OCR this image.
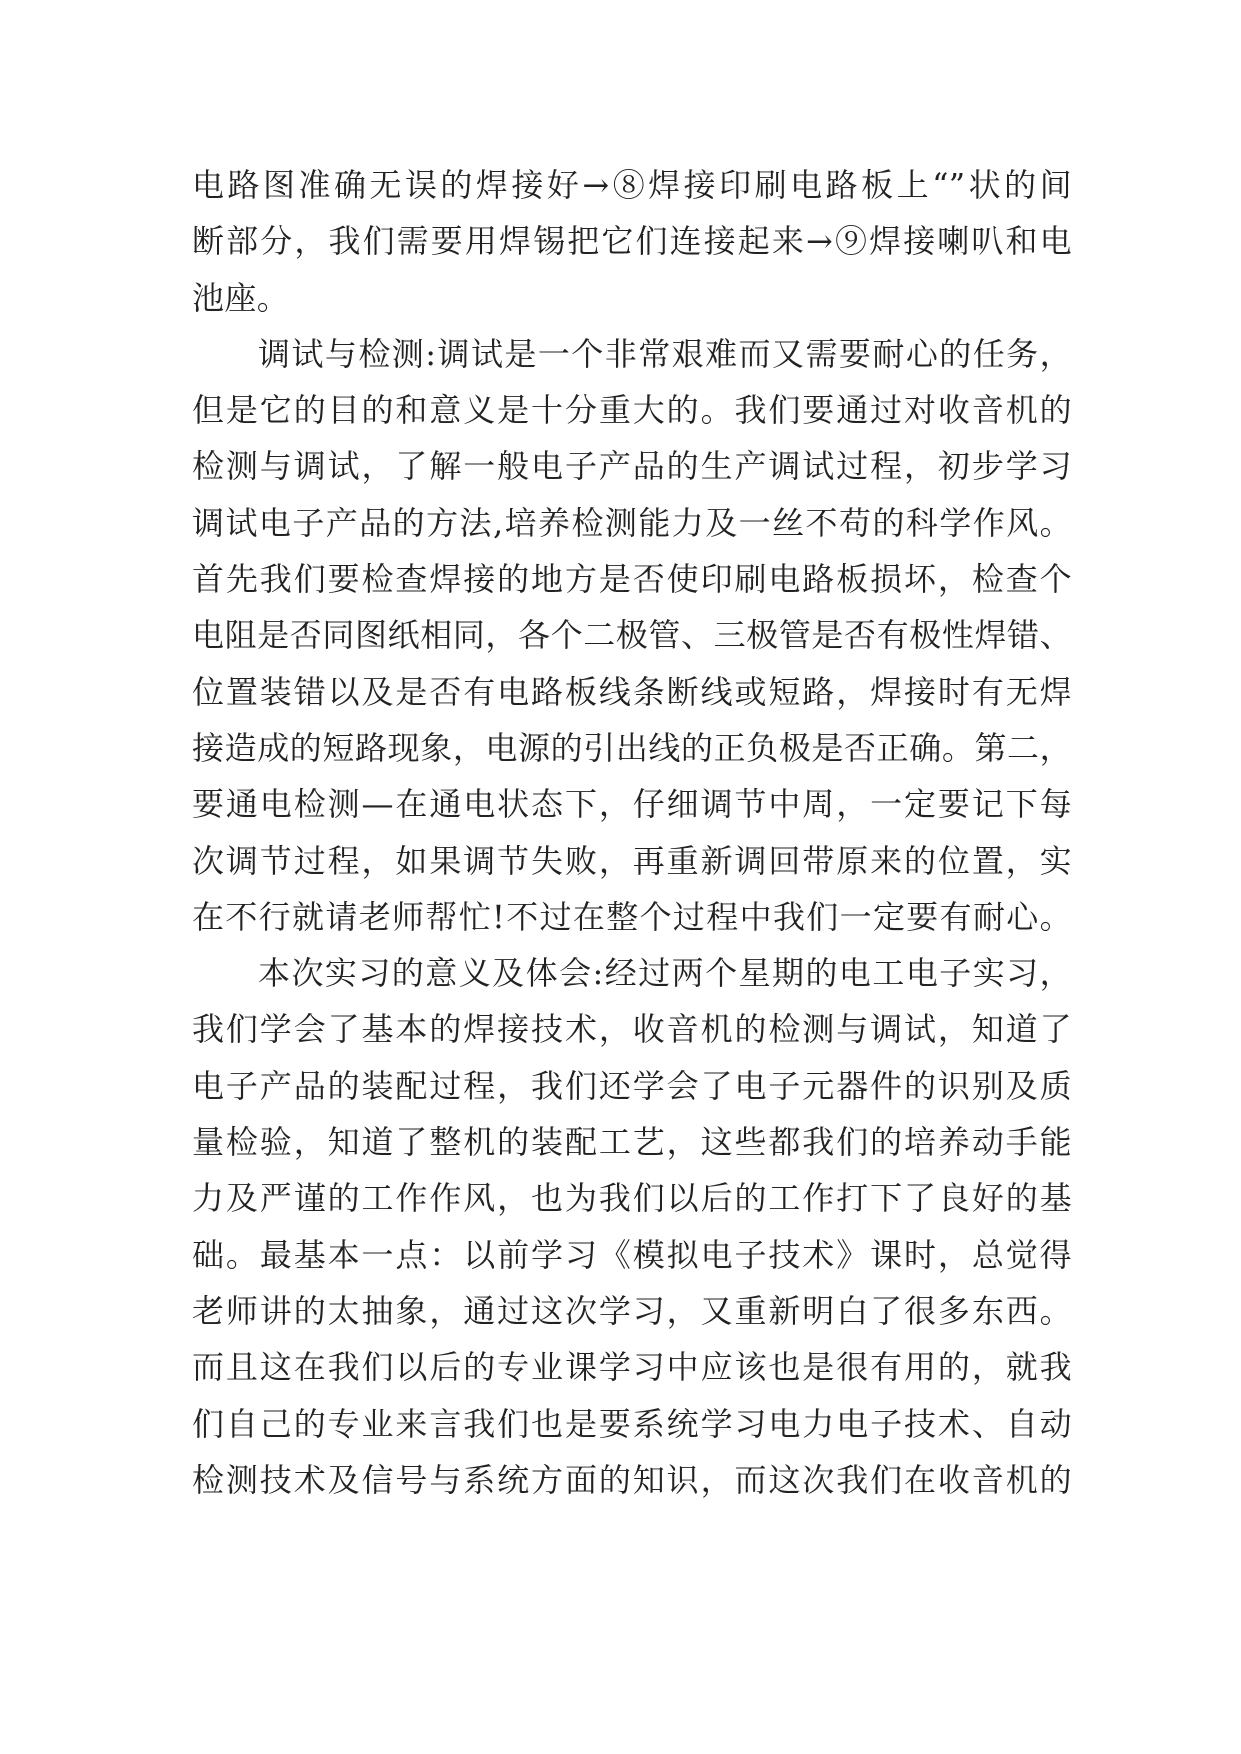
电路图准确无误的焊接好→⑧焊接印刷电路板上“”状的间
断部分，我们需要用焊锡把它们连接起来→⑨焊接喇叭和电
池座。
调试与检测:调试是一个非常艰难而又需要耐心的任务，
但是它的目的和意义是十分重大的。我们要通过对收音机的
检测与调试，了解一般电子产品的生产调试过程，初步学习
调试电子产品的方法,培养检测能力及一丝不苟的科学作风。
首先我们要检查焊接的地方是否使印刷电路板损坏，检查个
电阻是否同图纸相同，各个二极管、三极管是否有极性焊错、
位置装错以及是否有电路板线条断线或短路，焊接时有无焊
接造成的短路现象，电源的引出线的正负极是否正确。第二，
要通电检测—在通电状态下，仔细调节中周，一定要记下每
次调节过程，如果调节失败，再重新调回带原来的位置，实
在不行就请老师帮忙!不过在整个过程中我们一定要有耐心。
本次实习的意义及体会:经过两个星期的电工电子实习，
我们学会了基本的焊接技术，收音机的检测与调试，知道了
电子产品的装配过程，我们还学会了电子元器件的识别及质
量检验，知道了整机的装配工艺，这些都我们的培养动手能
力及严谨的工作作风，也为我们以后的工作打下了良好的基
础。最基本一点：以前学习《模拟电子技术》课时，总觉得
老师讲的太抽象，通过这次学习，又重新明白了很多东西。
而且这在我们以后的专业课学习中应该也是很有用的，就我
们自己的专业来言我们也是要系统学习电力电子技术、自动
检测技术及信号与系统方面的知识，而这次我们在收音机的
